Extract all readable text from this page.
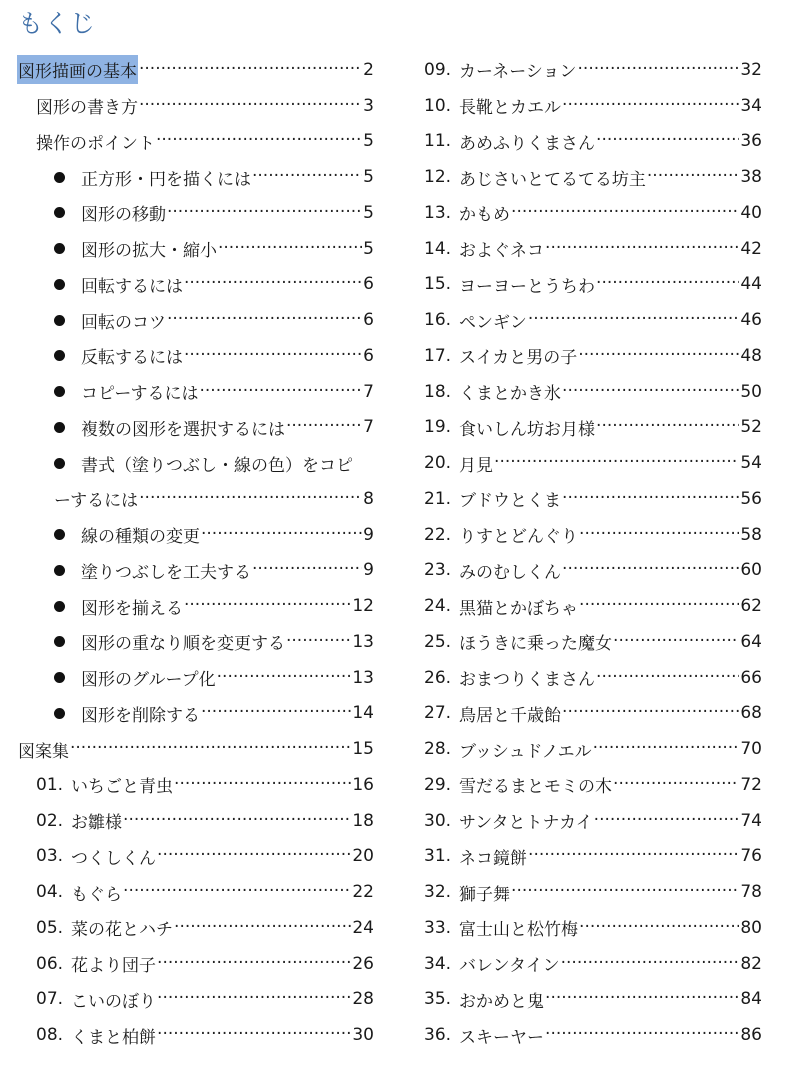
もくじ
図形描画の基本 ·····	2
図形の書き方 ·····	3
操作のポイント ·····	5
正方形・円を描くには ·····	5
図形の移動 ·····	5
図形の拡大・縮小 ·····	5
回転するには ·····	6
回転のコツ ·····	6
反転するには ·····	6
コピーするには ·····	7
複数の図形を選択するには ·····	7
書式（塗りつぶし・線の色）をコピ
ーするには ·····	8
線の種類の変更 ·····	9
塗りつぶしを工夫する ·····	9
図形を揃える ·····	12
図形の重なり順を変更する ·····	13
図形のグループ化 ·····	13
図形を削除する ·····	14
図案集 ·····	15
01. いちごと青虫 ·····	16
02. お雛様 ·····	18
03. つくしくん ·····	20
04. もぐら ·····	22
05. 菜の花とハチ ·····	24
06. 花より団子 ·····	26
07. こいのぼり ·····	28
08. くまと柏餅 ·····	30
09. カーネーション ·····	32
10. 長靴とカエル ·····	34
11. あめふりくまさん ·····	36
12. あじさいとてるてる坊主 ·····	38
13. かもめ ·····	40
14. およぐネコ ·····	42
15. ヨーヨーとうちわ ·····	44
16. ペンギン ·····	46
17. スイカと男の子 ·····	48
18. くまとかき氷 ·····	50
19. 食いしん坊お月様 ·····	52
20. 月見 ·····	54
21. ブドウとくま ·····	56
22. りすとどんぐり ·····	58
23. みのむしくん ·····	60
24. 黒猫とかぼちゃ ·····	62
25. ほうきに乗った魔女 ·····	64
26. おまつりくまさん ·····	66
27. 鳥居と千歳飴 ·····	68
28. ブッシュドノエル ·····	70
29. 雪だるまとモミの木 ·····	72
30. サンタとトナカイ ·····	74
31. ネコ鏡餅 ·····	76
32. 獅子舞 ·····	78
33. 富士山と松竹梅 ·····	80
34. バレンタイン ·····	82
35. おかめと鬼 ·····	84
36. スキーヤー ·····	86
